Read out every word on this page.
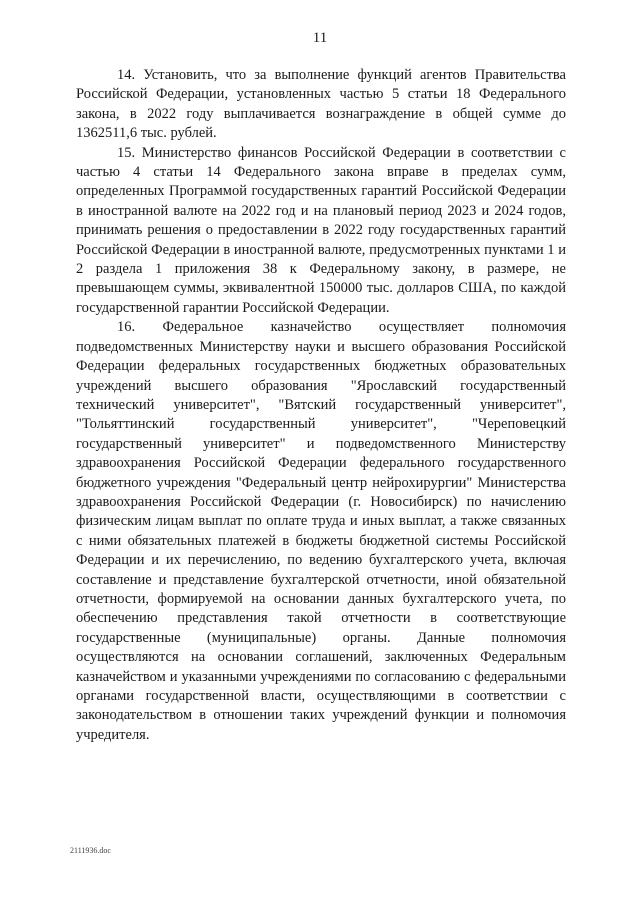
11

14. Установить, что за выполнение функций агентов Правительства Российской Федерации, установленных частью 5 статьи 18 Федерального закона, в 2022 году выплачивается вознаграждение в общей сумме до 1362511,6 тыс. рублей.

15. Министерство финансов Российской Федерации в соответствии с частью 4 статьи 14 Федерального закона вправе в пределах сумм, определенных Программой государственных гарантий Российской Федерации в иностранной валюте на 2022 год и на плановый период 2023 и 2024 годов, принимать решения о предоставлении в 2022 году государственных гарантий Российской Федерации в иностранной валюте, предусмотренных пунктами 1 и 2 раздела 1 приложения 38 к Федеральному закону, в размере, не превышающем суммы, эквивалентной 150000 тыс. долларов США, по каждой государственной гарантии Российской Федерации.

16. Федеральное казначейство осуществляет полномочия подведомственных Министерству науки и высшего образования Российской Федерации федеральных государственных бюджетных образовательных учреждений высшего образования "Ярославский государственный технический университет", "Вятский государственный университет", "Тольяттинский государственный университет", "Череповецкий государственный университет" и подведомственного Министерству здравоохранения Российской Федерации федерального государственного бюджетного учреждения "Федеральный центр нейрохирургии" Министерства здравоохранения Российской Федерации (г. Новосибирск) по начислению физическим лицам выплат по оплате труда и иных выплат, а также связанных с ними обязательных платежей в бюджеты бюджетной системы Российской Федерации и их перечислению, по ведению бухгалтерского учета, включая составление и представление бухгалтерской отчетности, иной обязательной отчетности, формируемой на основании данных бухгалтерского учета, по обеспечению представления такой отчетности в соответствующие государственные (муниципальные) органы. Данные полномочия осуществляются на основании соглашений, заключенных Федеральным казначейством и указанными учреждениями по согласованию с федеральными органами государственной власти, осуществляющими в соответствии с законодательством в отношении таких учреждений функции и полномочия учредителя.

2111936.doc
